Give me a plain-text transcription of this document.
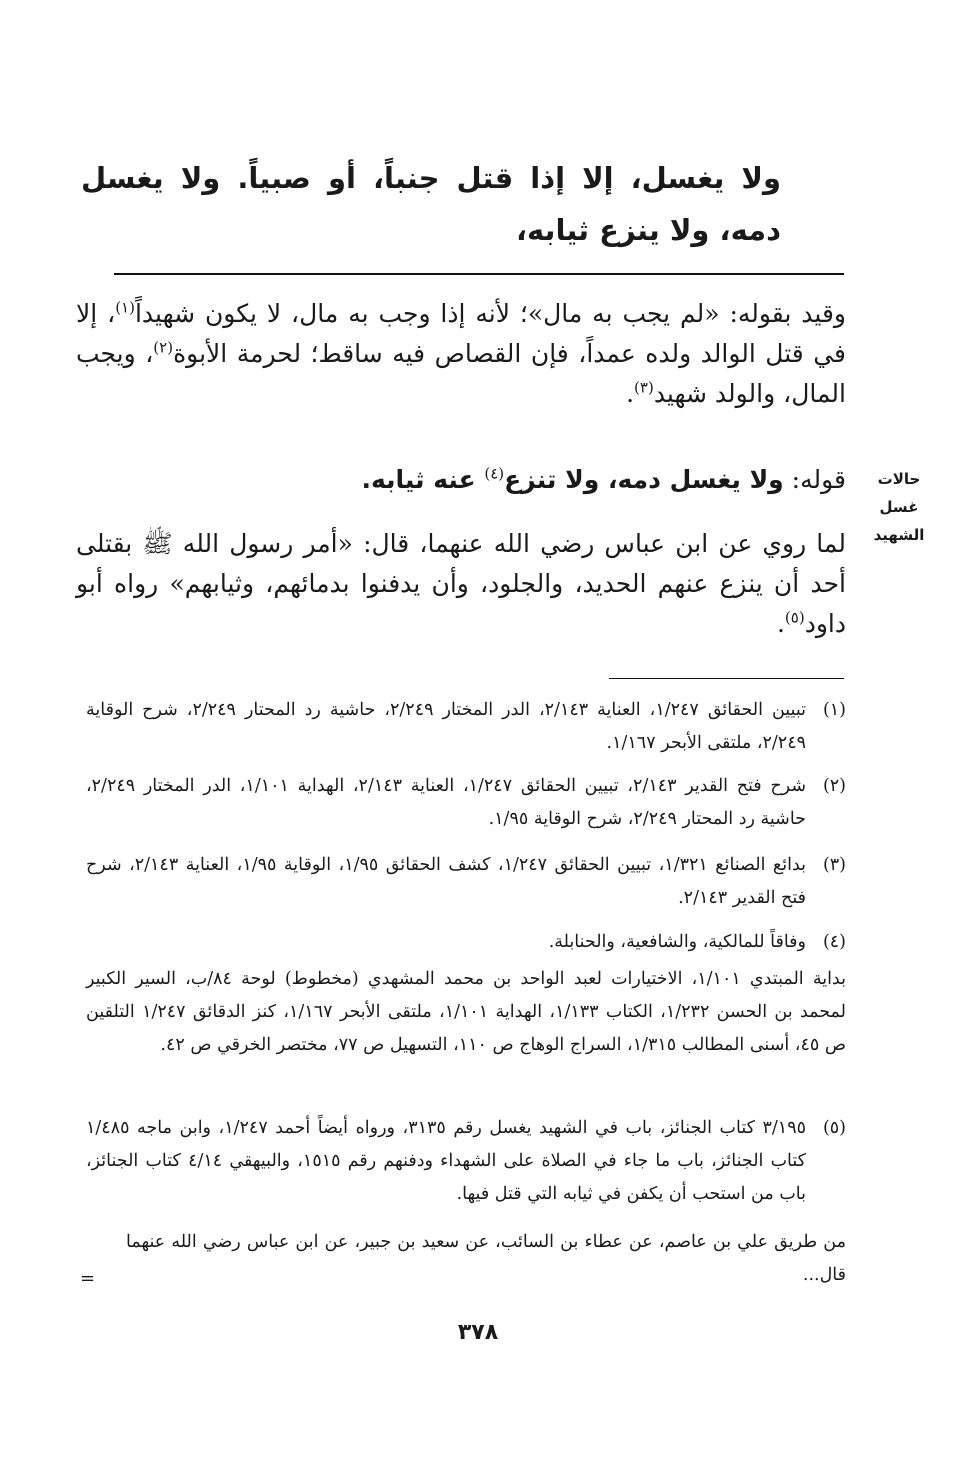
ولا يغسل، إلا إذا قتل جنباً، أو صبياً. ولا يغسل دمه، ولا ينزع ثيابه،
وقيد بقوله: «لم يجب به مال»؛ لأنه إذا وجب به مال، لا يكون شهيداً$^{(١)}$، إلا في قتل الوالد ولده عمداً، فإن القصاص فيه ساقط؛ لحرمة الأبوة$^{(٢)}$، ويجب المال، والولد شهيد$^{(٣)}$.
قوله: ولا يغسل دمه، ولا تنزع$^{(٤)}$ عنه ثيابه.
لما روي عن ابن عباس رضي الله عنهما، قال: «أمر رسول الله ﷺ بقتلى أحد أن ينزع عنهم الحديد، والجلود، وأن يدفنوا بدمائهم، وثيابهم» رواه أبو داود$^{(٥)}$.
حالات
غسل
الشهيد
(١)
تبيين الحقائق ١/٢٤٧، العناية ٢/١٤٣، الدر المختار ٢/٢٤٩، حاشية رد المحتار ٢/٢٤٩، شرح الوقاية ٢/٢٤٩، ملتقى الأبحر ١/١٦٧.
(٢)
شرح فتح القدير ٢/١٤٣، تبيين الحقائق ١/٢٤٧، العناية ٢/١٤٣، الهداية ١/١٠١، الدر المختار ٢/٢٤٩، حاشية رد المحتار ٢/٢٤٩، شرح الوقاية ١/٩٥.
(٣)
بدائع الصنائع ١/٣٢١، تبيين الحقائق ١/٢٤٧، كشف الحقائق ١/٩٥، الوقاية ١/٩٥، العناية ٢/١٤٣، شرح فتح القدير ٢/١٤٣.
(٤)
وفاقاً للمالكية، والشافعية، والحنابلة.
بداية المبتدي ١/١٠١، الاختيارات لعبد الواحد بن محمد المشهدي (مخطوط) لوحة ٨٤/ب، السير الكبير لمحمد بن الحسن ١/٢٣٢، الكتاب ١/١٣٣، الهداية ١/١٠١، ملتقى الأبحر ١/١٦٧، كنز الدقائق ١/٢٤٧ التلقين ص ٤٥، أسنى المطالب ١/٣١٥، السراج الوهاج ص ١١٠، التسهيل ص ٧٧، مختصر الخرقي ص ٤٢.
(٥)
٣/١٩٥ كتاب الجنائز، باب في الشهيد يغسل رقم ٣١٣٥، ورواه أيضاً أحمد ١/٢٤٧، وابن ماجه ١/٤٨٥ كتاب الجنائز، باب ما جاء في الصلاة على الشهداء ودفنهم رقم ١٥١٥، والبيهقي ٤/١٤ كتاب الجنائز، باب من استحب أن يكفن في ثيابه التي قتل فيها.
من طريق علي بن عاصم، عن عطاء بن السائب، عن سعيد بن جبير، عن ابن عباس رضي الله عنهما قال...
=
٣٧٨
